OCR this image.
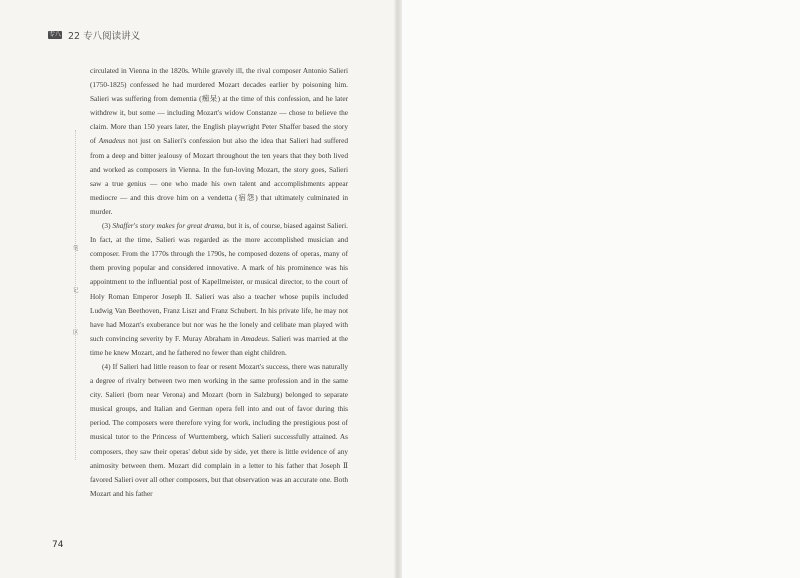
专八 22 专八阅读讲义
笔
记
区

circulated in Vienna in the 1820s. While gravely ill, the rival composer Antonio Salieri (1750-1825) confessed he had murdered Mozart decades earlier by poisoning him. Salieri was suffering from dementia (痴呆) at the time of this confession, and he later withdrew it, but some — including Mozart's widow Constanze — chose to believe the claim. More than 150 years later, the English playwright Peter Shaffer based the story of Amadeus not just on Salieri's confession but also the idea that Salieri had suffered from a deep and bitter jealousy of Mozart throughout the ten years that they both lived and worked as composers in Vienna. In the fun-loving Mozart, the story goes, Salieri saw a true genius — one who made his own talent and accomplishments appear mediocre — and this drove him on a vendetta (宿怨) that ultimately culminated in murder.

(3) Shaffer's story makes for great drama, but it is, of course, biased against Salieri. In fact, at the time, Salieri was regarded as the more accomplished musician and composer. From the 1770s through the 1790s, he composed dozens of operas, many of them proving popular and considered innovative. A mark of his prominence was his appointment to the influential post of Kapellmeister, or musical director, to the court of Holy Roman Emperor Joseph II. Salieri was also a teacher whose pupils included Ludwig Van Beethoven, Franz Liszt and Franz Schubert. In his private life, he may not have had Mozart's exuberance but nor was he the lonely and celibate man played with such convincing severity by F. Muray Abraham in Amadeus. Salieri was married at the time he knew Mozart, and he fathered no fewer than eight children.

(4) If Salieri had little reason to fear or resent Mozart's success, there was naturally a degree of rivalry between two men working in the same profession and in the same city. Salieri (born near Verona) and Mozart (born in Salzburg) belonged to separate musical groups, and Italian and German opera fell into and out of favor during this period. The composers were therefore vying for work, including the prestigious post of musical tutor to the Princess of Wurttemberg, which Salieri successfully attained. As composers, they saw their operas' debut side by side, yet there is little evidence of any animosity between them. Mozart did complain in a letter to his father that Joseph Ⅱ favored Salieri over all other composers, but that observation was an accurate one. Both Mozart and his father

74
